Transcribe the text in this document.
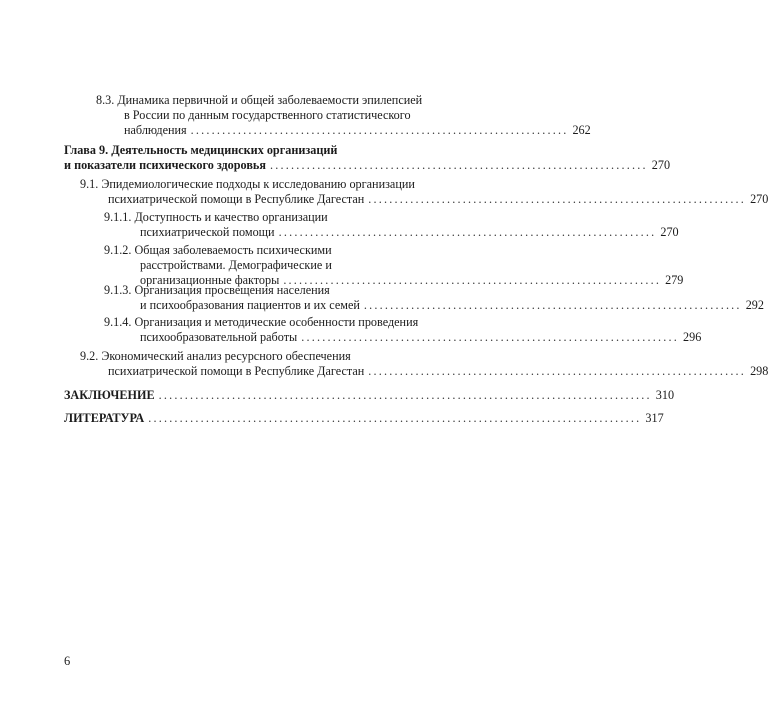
8.3. Динамика первичной и общей заболеваемости эпилепсией
в России по данным государственного статистического
наблюдения ........................................................................ 262
Глава 9. Деятельность медицинских организаций
и показатели психического здоровья ........................................................................ 270
9.1. Эпидемиологические подходы к исследованию организации
психиатрической помощи в Республике Дагестан ........................................................................ 270
9.1.1. Доступность и качество организации
психиатрической помощи ........................................................................ 270
9.1.2. Общая заболеваемость психическими
расстройствами. Демографические и
организационные факторы ........................................................................ 279
9.1.3. Организация просвещения населения
и психообразования пациентов и их семей ........................................................................ 292
9.1.4. Организация и методические особенности проведения
психообразовательной работы ........................................................................ 296
9.2. Экономический анализ ресурсного обеспечения
психиатрической помощи в Республике Дагестан ........................................................................ 298
ЗАКЛЮЧЕНИЕ .............................................................................................. 310
ЛИТЕРАТУРА .............................................................................................. 317
6
